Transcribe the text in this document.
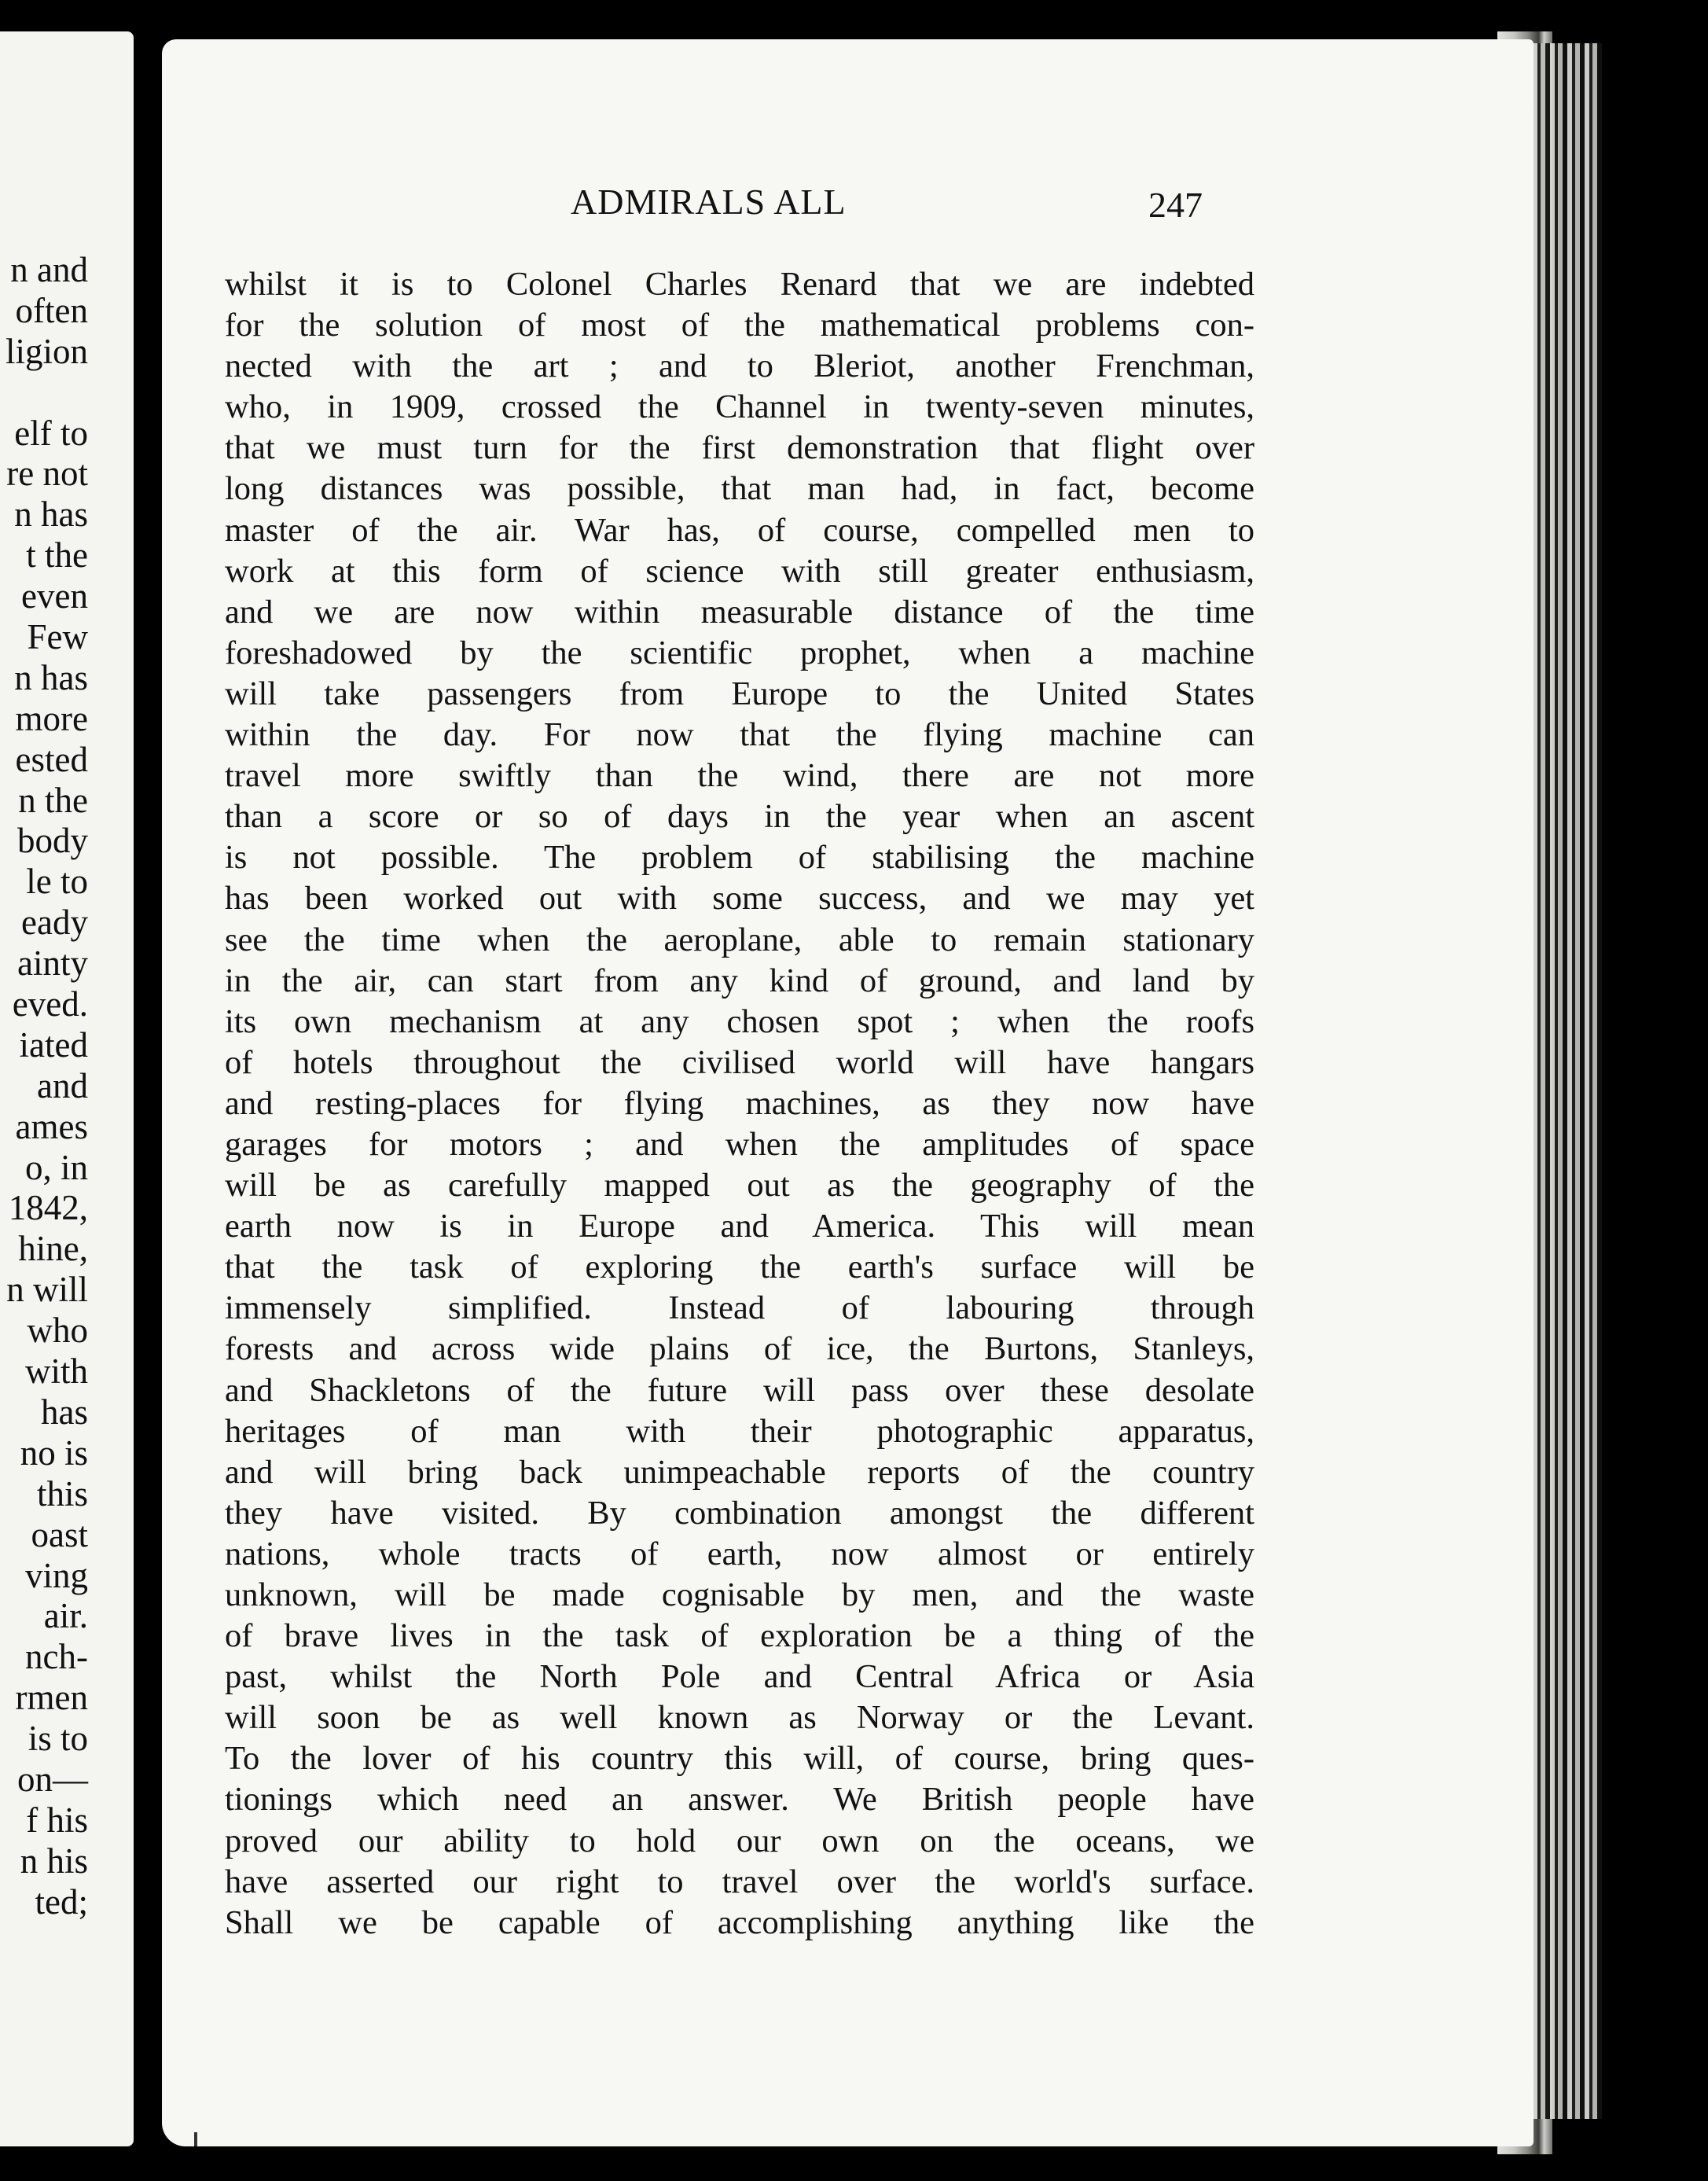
n and
often
ligion
elf to
re not
n has
t the
even
Few
n has
more
ested
n the
body
le to
eady
ainty
eved.
iated
and
ames
o, in
1842,
hine,
n will
who
with
has
no is
this
oast
ving
air.
nch-
rmen
is to
on—
f his
n his
ted;
ADMIRALS ALL	247
whilst it is to Colonel Charles Renard that we are indebted
for the solution of most of the mathematical problems con-
nected with the art ; and to Bleriot, another Frenchman,
who, in 1909, crossed the Channel in twenty-seven minutes,
that we must turn for the first demonstration that flight over
long distances was possible, that man had, in fact, become
master of the air. War has, of course, compelled men to
work at this form of science with still greater enthusiasm,
and we are now within measurable distance of the time
foreshadowed by the scientific prophet, when a machine
will take passengers from Europe to the United States
within the day. For now that the flying machine can
travel more swiftly than the wind, there are not more
than a score or so of days in the year when an ascent
is not possible. The problem of stabilising the machine
has been worked out with some success, and we may yet
see the time when the aeroplane, able to remain stationary
in the air, can start from any kind of ground, and land by
its own mechanism at any chosen spot ; when the roofs
of hotels throughout the civilised world will have hangars
and resting-places for flying machines, as they now have
garages for motors ; and when the amplitudes of space
will be as carefully mapped out as the geography of the
earth now is in Europe and America. This will mean
that the task of exploring the earth's surface will be
immensely simplified. Instead of labouring through
forests and across wide plains of ice, the Burtons, Stanleys,
and Shackletons of the future will pass over these desolate
heritages of man with their photographic apparatus,
and will bring back unimpeachable reports of the country
they have visited. By combination amongst the different
nations, whole tracts of earth, now almost or entirely
unknown, will be made cognisable by men, and the waste
of brave lives in the task of exploration be a thing of the
past, whilst the North Pole and Central Africa or Asia
will soon be as well known as Norway or the Levant.
To the lover of his country this will, of course, bring ques-
tionings which need an answer. We British people have
proved our ability to hold our own on the oceans, we
have asserted our right to travel over the world's surface.
Shall we be capable of accomplishing anything like the
